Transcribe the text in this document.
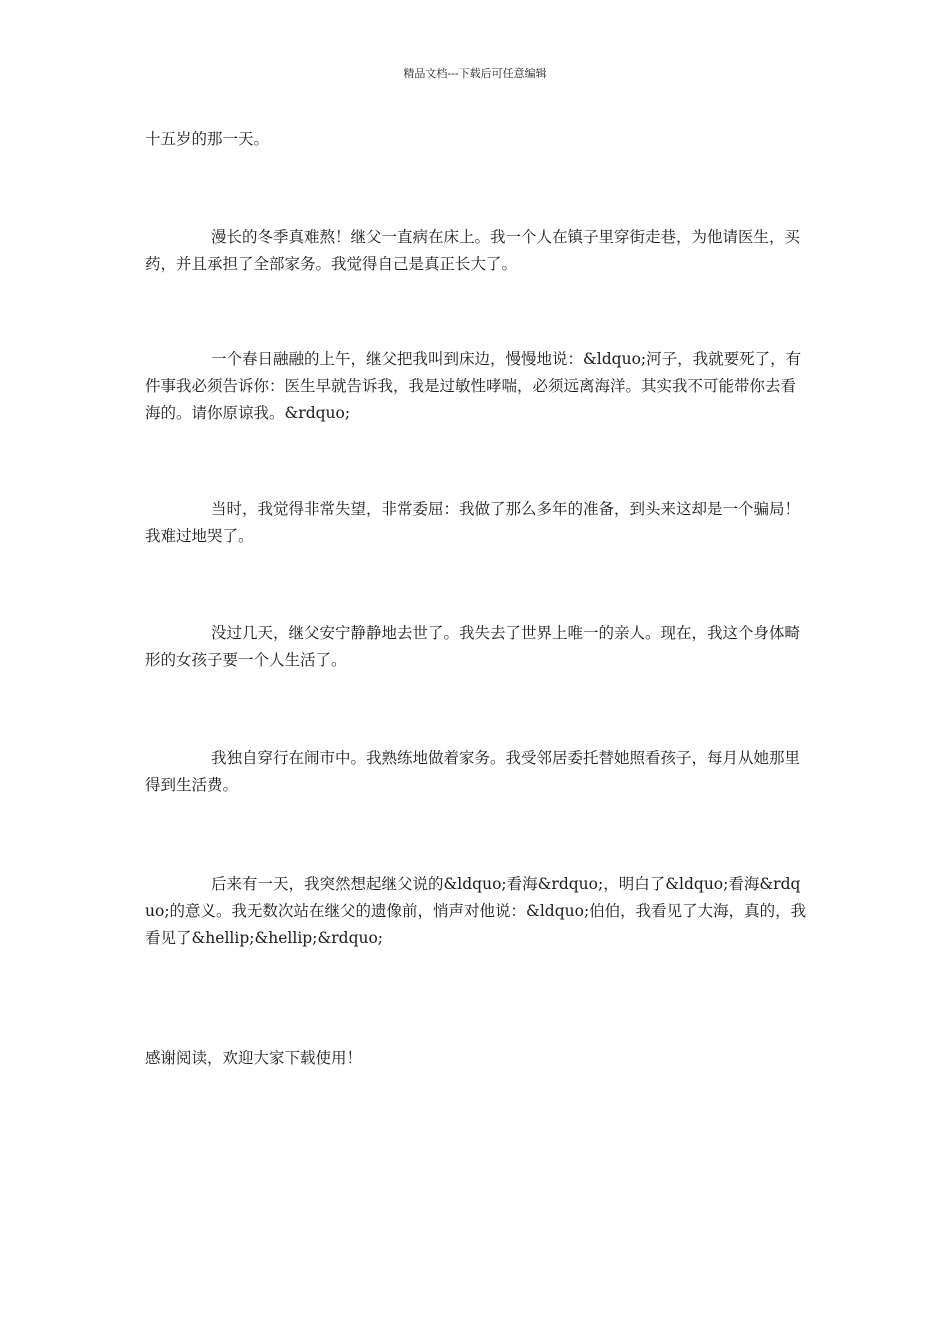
精品文档---下载后可任意编辑

十五岁的那一天。

漫长的冬季真难熬！继父一直病在床上。我一个人在镇子里穿街走巷，为他请医生，买药，并且承担了全部家务。我觉得自己是真正长大了。

一个春日融融的上午，继父把我叫到床边，慢慢地说：&ldquo;河子，我就要死了，有件事我必须告诉你：医生早就告诉我，我是过敏性哮喘，必须远离海洋。其实我不可能带你去看海的。请你原谅我。&rdquo;

当时，我觉得非常失望，非常委屈：我做了那么多年的准备，到头来这却是一个骗局！我难过地哭了。

没过几天，继父安宁静静地去世了。我失去了世界上唯一的亲人。现在，我这个身体畸形的女孩子要一个人生活了。

我独自穿行在闹市中。我熟练地做着家务。我受邻居委托替她照看孩子，每月从她那里得到生活费。

后来有一天，我突然想起继父说的&ldquo;看海&rdquo;，明白了&ldquo;看海&rdquo;的意义。我无数次站在继父的遗像前，悄声对他说：&ldquo;伯伯，我看见了大海，真的，我看见了&hellip;&hellip;&rdquo;

感谢阅读，欢迎大家下载使用！
